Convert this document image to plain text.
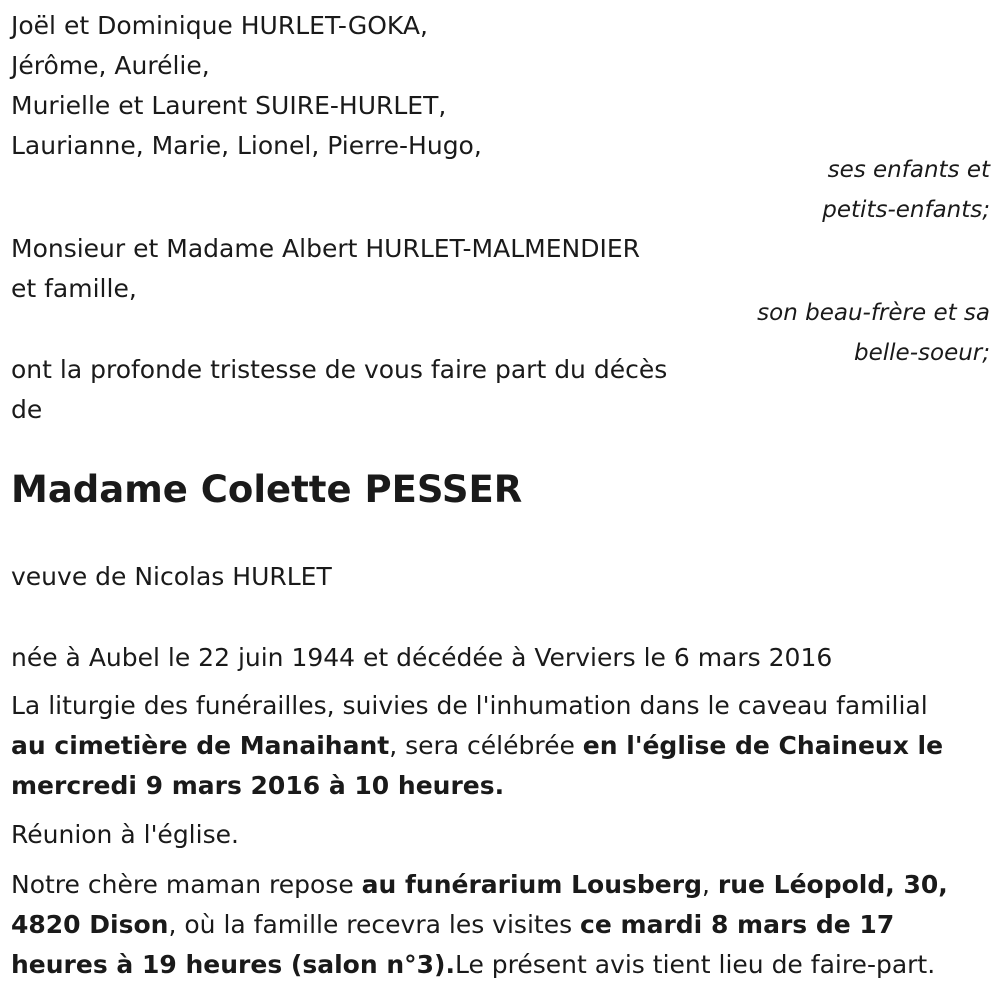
Joël et Dominique HURLET-GOKA,
Jérôme, Aurélie,
Murielle et Laurent SUIRE-HURLET,
Laurianne, Marie, Lionel, Pierre-Hugo,
ses enfants et
petits-enfants;
Monsieur et Madame Albert HURLET-MALMENDIER
et famille,
son beau-frère et sa
belle-soeur;
ont la profonde tristesse de vous faire part du décès
de
Madame Colette PESSER
veuve de Nicolas HURLET
née à Aubel le 22 juin 1944 et décédée à Verviers le 6 mars 2016
La liturgie des funérailles, suivies de l'inhumation dans le caveau familial
au cimetière de Manaihant, sera célébrée en l'église de Chaineux le
mercredi 9 mars 2016 à 10 heures.
Réunion à l'église.
Notre chère maman repose au funérarium Lousberg, rue Léopold, 30,
4820 Dison, où la famille recevra les visites ce mardi 8 mars de 17
heures à 19 heures (salon n°3).Le présent avis tient lieu de faire-part.
